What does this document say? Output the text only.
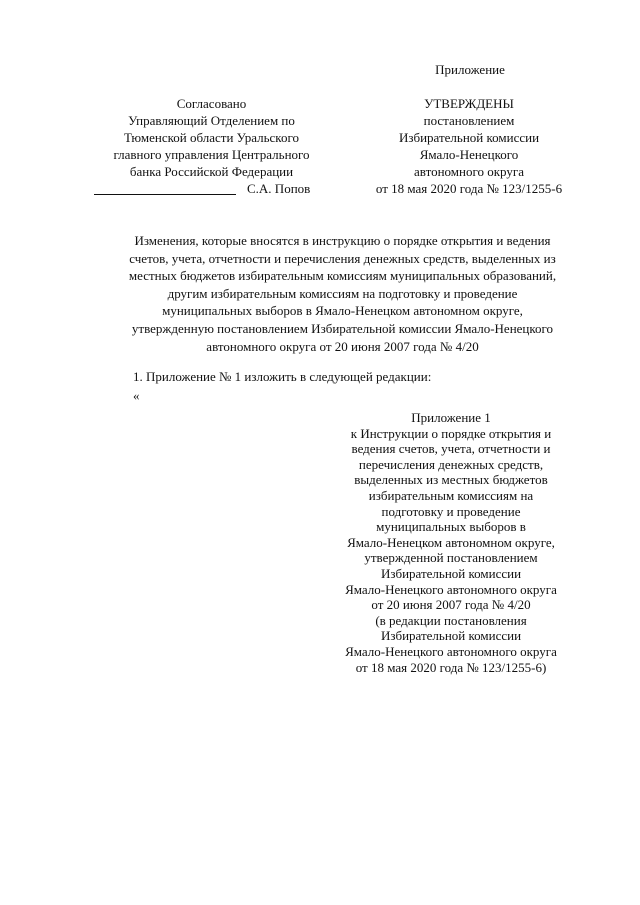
Приложение
Согласовано
Управляющий Отделением по
Тюменской области Уральского
главного управления Центрального
банка Российской Федерации
С.А. Попов
УТВЕРЖДЕНЫ
постановлением
Избирательной комиссии
Ямало-Ненецкого
автономного округа
от 18 мая 2020 года № 123/1255-6
Изменения, которые вносятся в инструкцию о порядке открытия и ведения
счетов, учета, отчетности и перечисления денежных средств, выделенных из
местных бюджетов избирательным комиссиям муниципальных образований,
другим избирательным комиссиям на подготовку и проведение
муниципальных выборов в Ямало-Ненецком автономном округе,
утвержденную постановлением Избирательной комиссии Ямало-Ненецкого
автономного округа от 20 июня 2007 года № 4/20
1. Приложение № 1 изложить в следующей редакции:
«
Приложение 1
к Инструкции о порядке открытия и
ведения счетов, учета, отчетности и
перечисления денежных средств,
выделенных из местных бюджетов
избирательным комиссиям на
подготовку и проведение
муниципальных выборов в
Ямало-Ненецком автономном округе,
утвержденной постановлением
Избирательной комиссии
Ямало-Ненецкого автономного округа
от 20 июня 2007 года № 4/20
(в редакции постановления
Избирательной комиссии
Ямало-Ненецкого автономного округа
от 18 мая 2020 года № 123/1255-6)
